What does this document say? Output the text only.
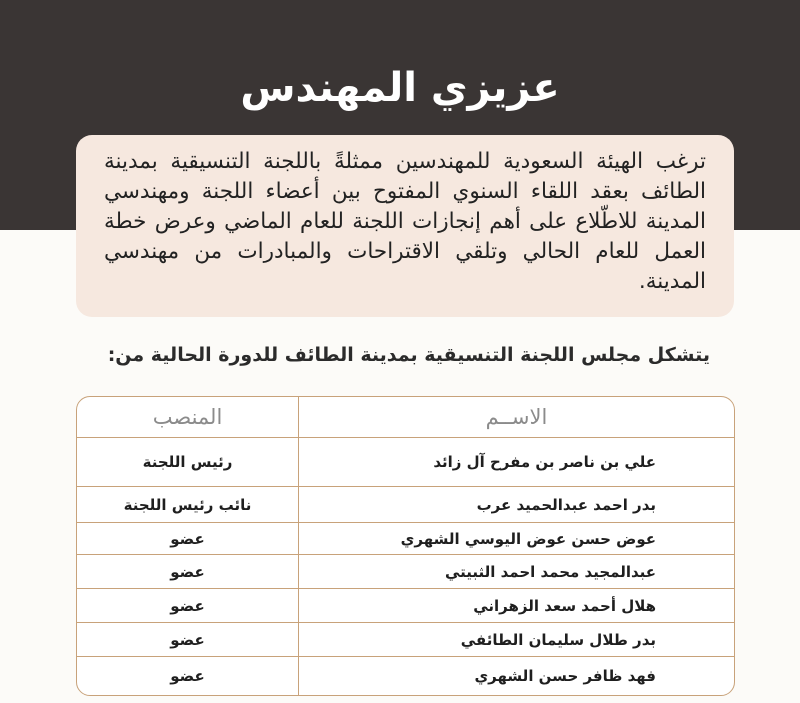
عزيزي المهندس

ترغب الهيئة السعودية للمهندسين ممثلةً باللجنة التنسيقية بمدينة الطائف بعقد اللقاء السنوي المفتوح بين أعضاء اللجنة ومهندسي المدينة للاطّلاع على أهم إنجازات اللجنة للعام الماضي وعرض خطة العمل للعام الحالي وتلقي الاقتراحات والمبادرات من مهندسي المدينة.

يتشكل مجلس اللجنة التنسيقية بمدينة الطائف للدورة الحالية من:
الاســم
المنصب
علي بن ناصر بن مفرح آل زائد
رئيس اللجنة
بدر احمد عبدالحميد عرب
نائب رئيس اللجنة
عوض حسن عوض اليوسي الشهري
عضو
عبدالمجيد محمد احمد الثبيتي
عضو
هلال أحمد سعد الزهراني
عضو
بدر طلال سليمان الطائفي
عضو
فهد ظافر حسن الشهري
عضو
